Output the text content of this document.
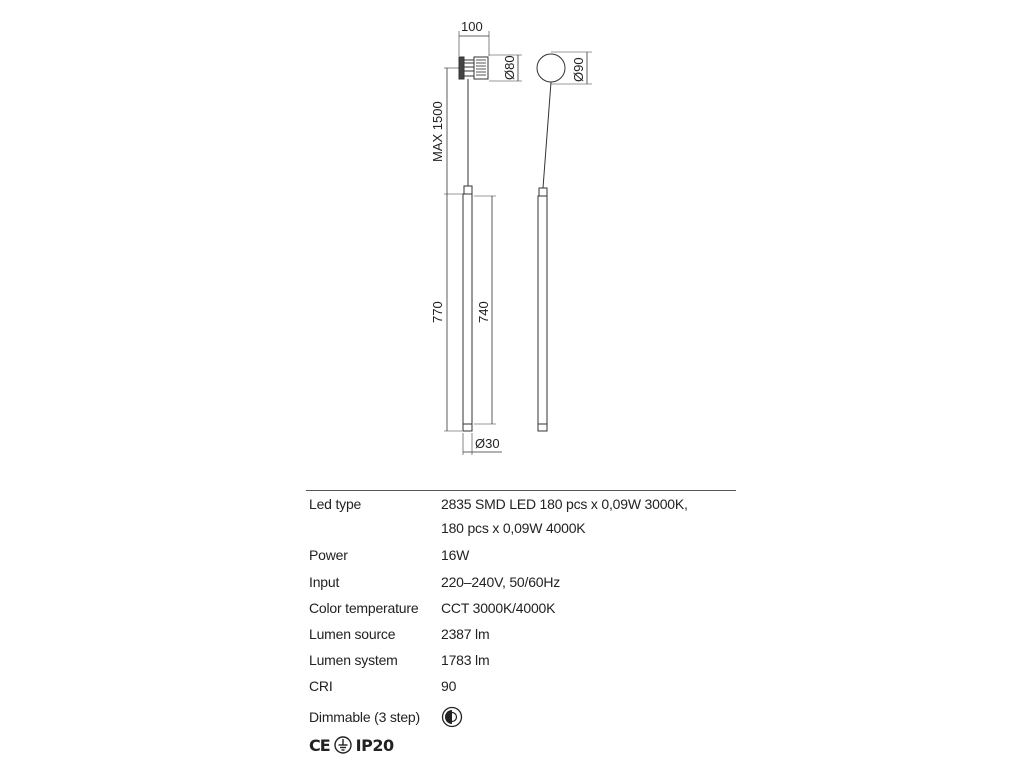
100
Ø80	Ø90
MAX 1500
770 740
Ø30
Led type	2835 SMD LED 180 pcs x 0,09W 3000K,
180 pcs x 0,09W 4000K
Power	16W
Input	220–240V, 50/60Hz
Color temperature	CCT 3000K/4000K
Lumen source	2387 lm
Lumen system	1783 lm
CRI	90
Dimmable (3 step)
CE IP20
